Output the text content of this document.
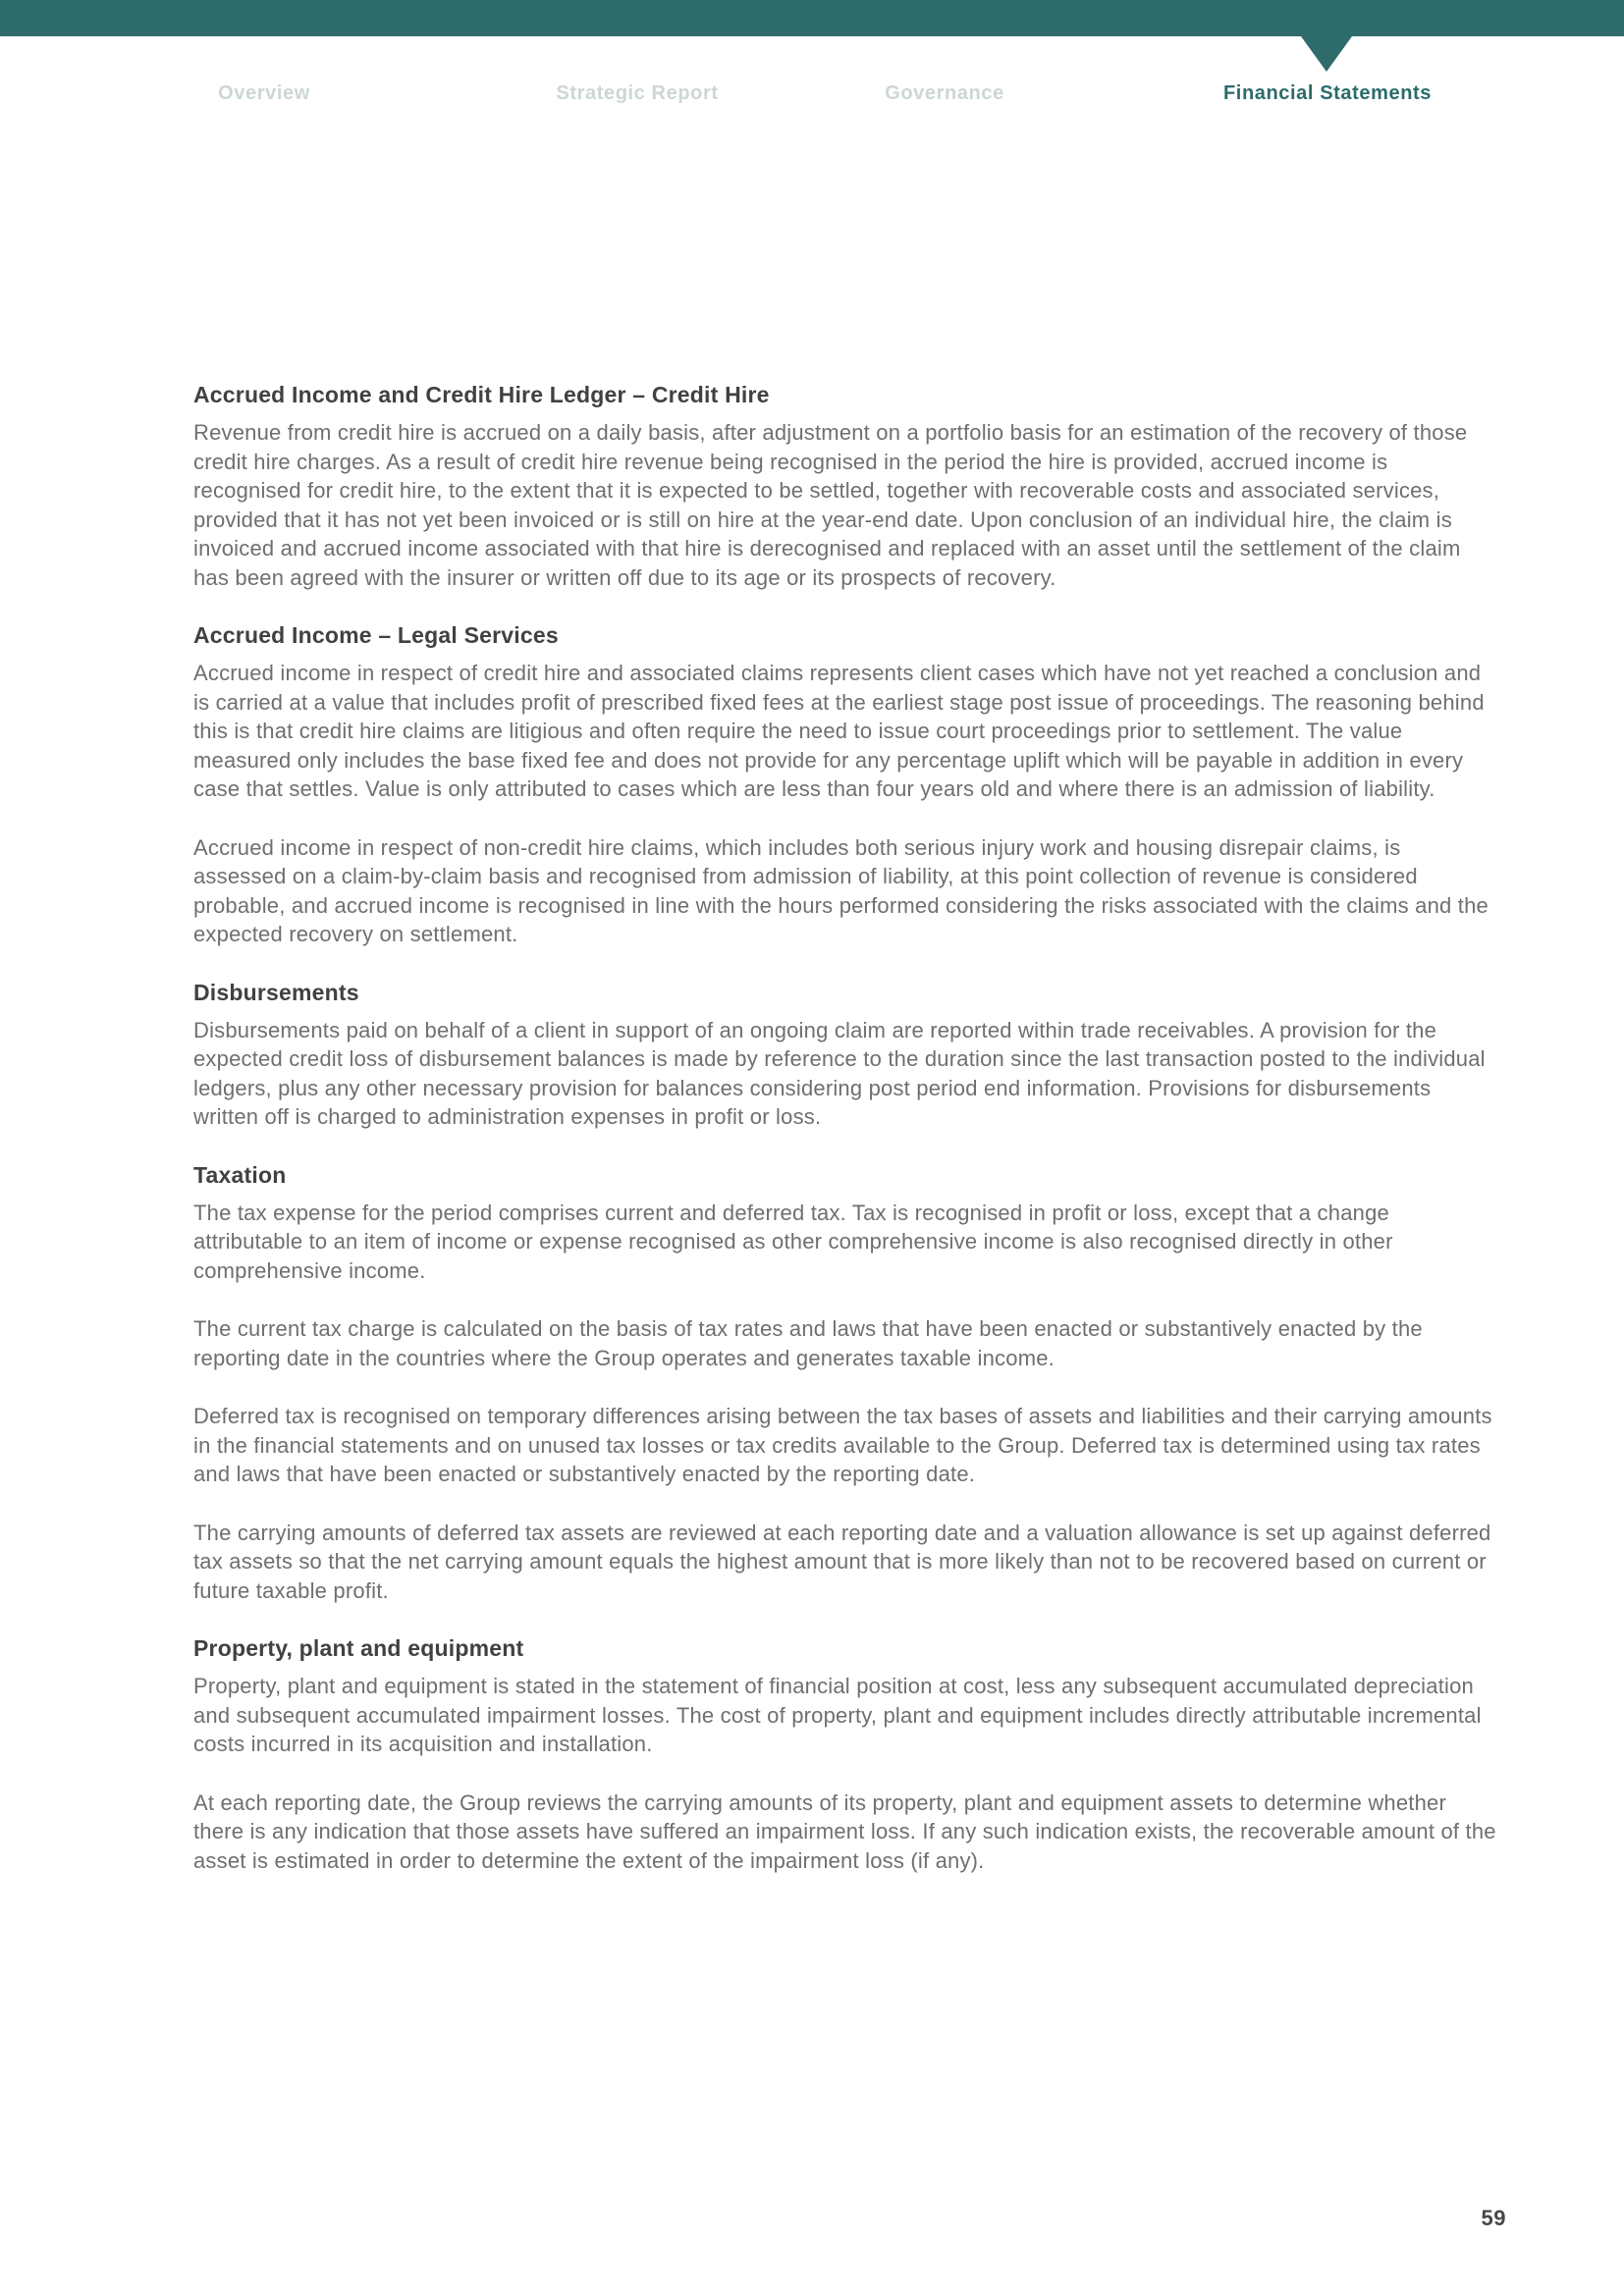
Overview	Strategic Report	Governance	Financial Statements
Accrued Income and Credit Hire Ledger – Credit Hire

Revenue from credit hire is accrued on a daily basis, after adjustment on a portfolio basis for an estimation of the recovery of those credit hire charges. As a result of credit hire revenue being recognised in the period the hire is provided, accrued income is recognised for credit hire, to the extent that it is expected to be settled, together with recoverable costs and associated services, provided that it has not yet been invoiced or is still on hire at the year-end date. Upon conclusion of an individual hire, the claim is invoiced and accrued income associated with that hire is derecognised and replaced with an asset until the settlement of the claim has been agreed with the insurer or written off due to its age or its prospects of recovery.

Accrued Income – Legal Services

Accrued income in respect of credit hire and associated claims represents client cases which have not yet reached a conclusion and is carried at a value that includes profit of prescribed fixed fees at the earliest stage post issue of proceedings. The reasoning behind this is that credit hire claims are litigious and often require the need to issue court proceedings prior to settlement. The value measured only includes the base fixed fee and does not provide for any percentage uplift which will be payable in addition in every case that settles. Value is only attributed to cases which are less than four years old and where there is an admission of liability.

Accrued income in respect of non-credit hire claims, which includes both serious injury work and housing disrepair claims, is assessed on a claim-by-claim basis and recognised from admission of liability, at this point collection of revenue is considered probable, and accrued income is recognised in line with the hours performed considering the risks associated with the claims and the expected recovery on settlement.

Disbursements

Disbursements paid on behalf of a client in support of an ongoing claim are reported within trade receivables. A provision for the expected credit loss of disbursement balances is made by reference to the duration since the last transaction posted to the individual ledgers, plus any other necessary provision for balances considering post period end information. Provisions for disbursements written off is charged to administration expenses in profit or loss.

Taxation

The tax expense for the period comprises current and deferred tax. Tax is recognised in profit or loss, except that a change attributable to an item of income or expense recognised as other comprehensive income is also recognised directly in other comprehensive income.

The current tax charge is calculated on the basis of tax rates and laws that have been enacted or substantively enacted by the reporting date in the countries where the Group operates and generates taxable income.

Deferred tax is recognised on temporary differences arising between the tax bases of assets and liabilities and their carrying amounts in the financial statements and on unused tax losses or tax credits available to the Group. Deferred tax is determined using tax rates and laws that have been enacted or substantively enacted by the reporting date.

The carrying amounts of deferred tax assets are reviewed at each reporting date and a valuation allowance is set up against deferred tax assets so that the net carrying amount equals the highest amount that is more likely than not to be recovered based on current or future taxable profit.

Property, plant and equipment

Property, plant and equipment is stated in the statement of financial position at cost, less any subsequent accumulated depreciation and subsequent accumulated impairment losses. The cost of property, plant and equipment includes directly attributable incremental costs incurred in its acquisition and installation.

At each reporting date, the Group reviews the carrying amounts of its property, plant and equipment assets to determine whether there is any indication that those assets have suffered an impairment loss. If any such indication exists, the recoverable amount of the asset is estimated in order to determine the extent of the impairment loss (if any).

59
